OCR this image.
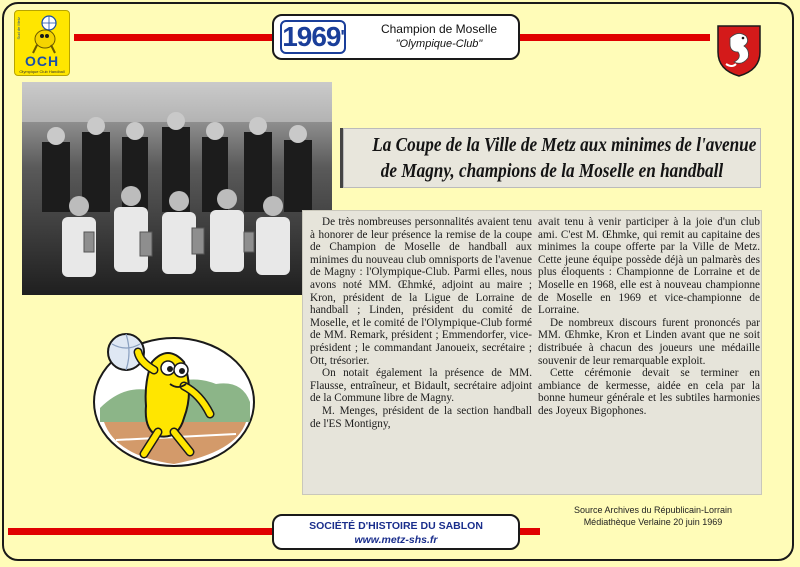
Sud de Metz
OCH
Olympique Club Handball
1969'	Champion de Moselle
"Olympique-Club"
La Coupe de la Ville de Metz aux minimes de l'avenue
de Magny, champions de la Moselle en handball

De très nombreuses personnalités avaient tenu à honorer de leur présence la remise de la coupe de Champion de Moselle de handball aux minimes du nouveau club omnisports de l'avenue de Magny : l'Olympique-Club. Parmi elles, nous avons noté MM. Œhmké, adjoint au maire ; Kron, président de la Ligue de Lorraine de handball ; Linden, président du comité de Moselle, et le comité de l'Olympique-Club formé de MM. Remark, président ; Emmendorfer, vice-président ; le commandant Janoueix, secrétaire ; Ott, trésorier.

On notait également la présence de MM. Flausse, entraîneur, et Bidault, secrétaire adjoint de la Commune libre de Magny.

M. Menges, président de la section handball de l'ES Montigny,

avait tenu à venir participer à la joie d'un club ami. C'est M. Œhmke, qui remit au capitaine des minimes la coupe offerte par la Ville de Metz. Cette jeune équipe possède déjà un palmarès des plus éloquents : Championne de Lorraine et de Moselle en 1968, elle est à nouveau championne de Moselle en 1969 et vice-championne de Lorraine.

De nombreux discours furent prononcés par MM. Œhmke, Kron et Linden avant que ne soit distribuée à chacun des joueurs une médaille souvenir de leur remarquable exploit.

Cette cérémonie devait se terminer en ambiance de kermesse, aidée en cela par la bonne humeur générale et les subtiles harmonies des Joyeux Bigophones.

Source Archives du Républicain-Lorrain
Médiathèque Verlaine 20 juin 1969
SOCIÉTÉ D'HISTOIRE DU SABLON
www.metz-shs.fr
